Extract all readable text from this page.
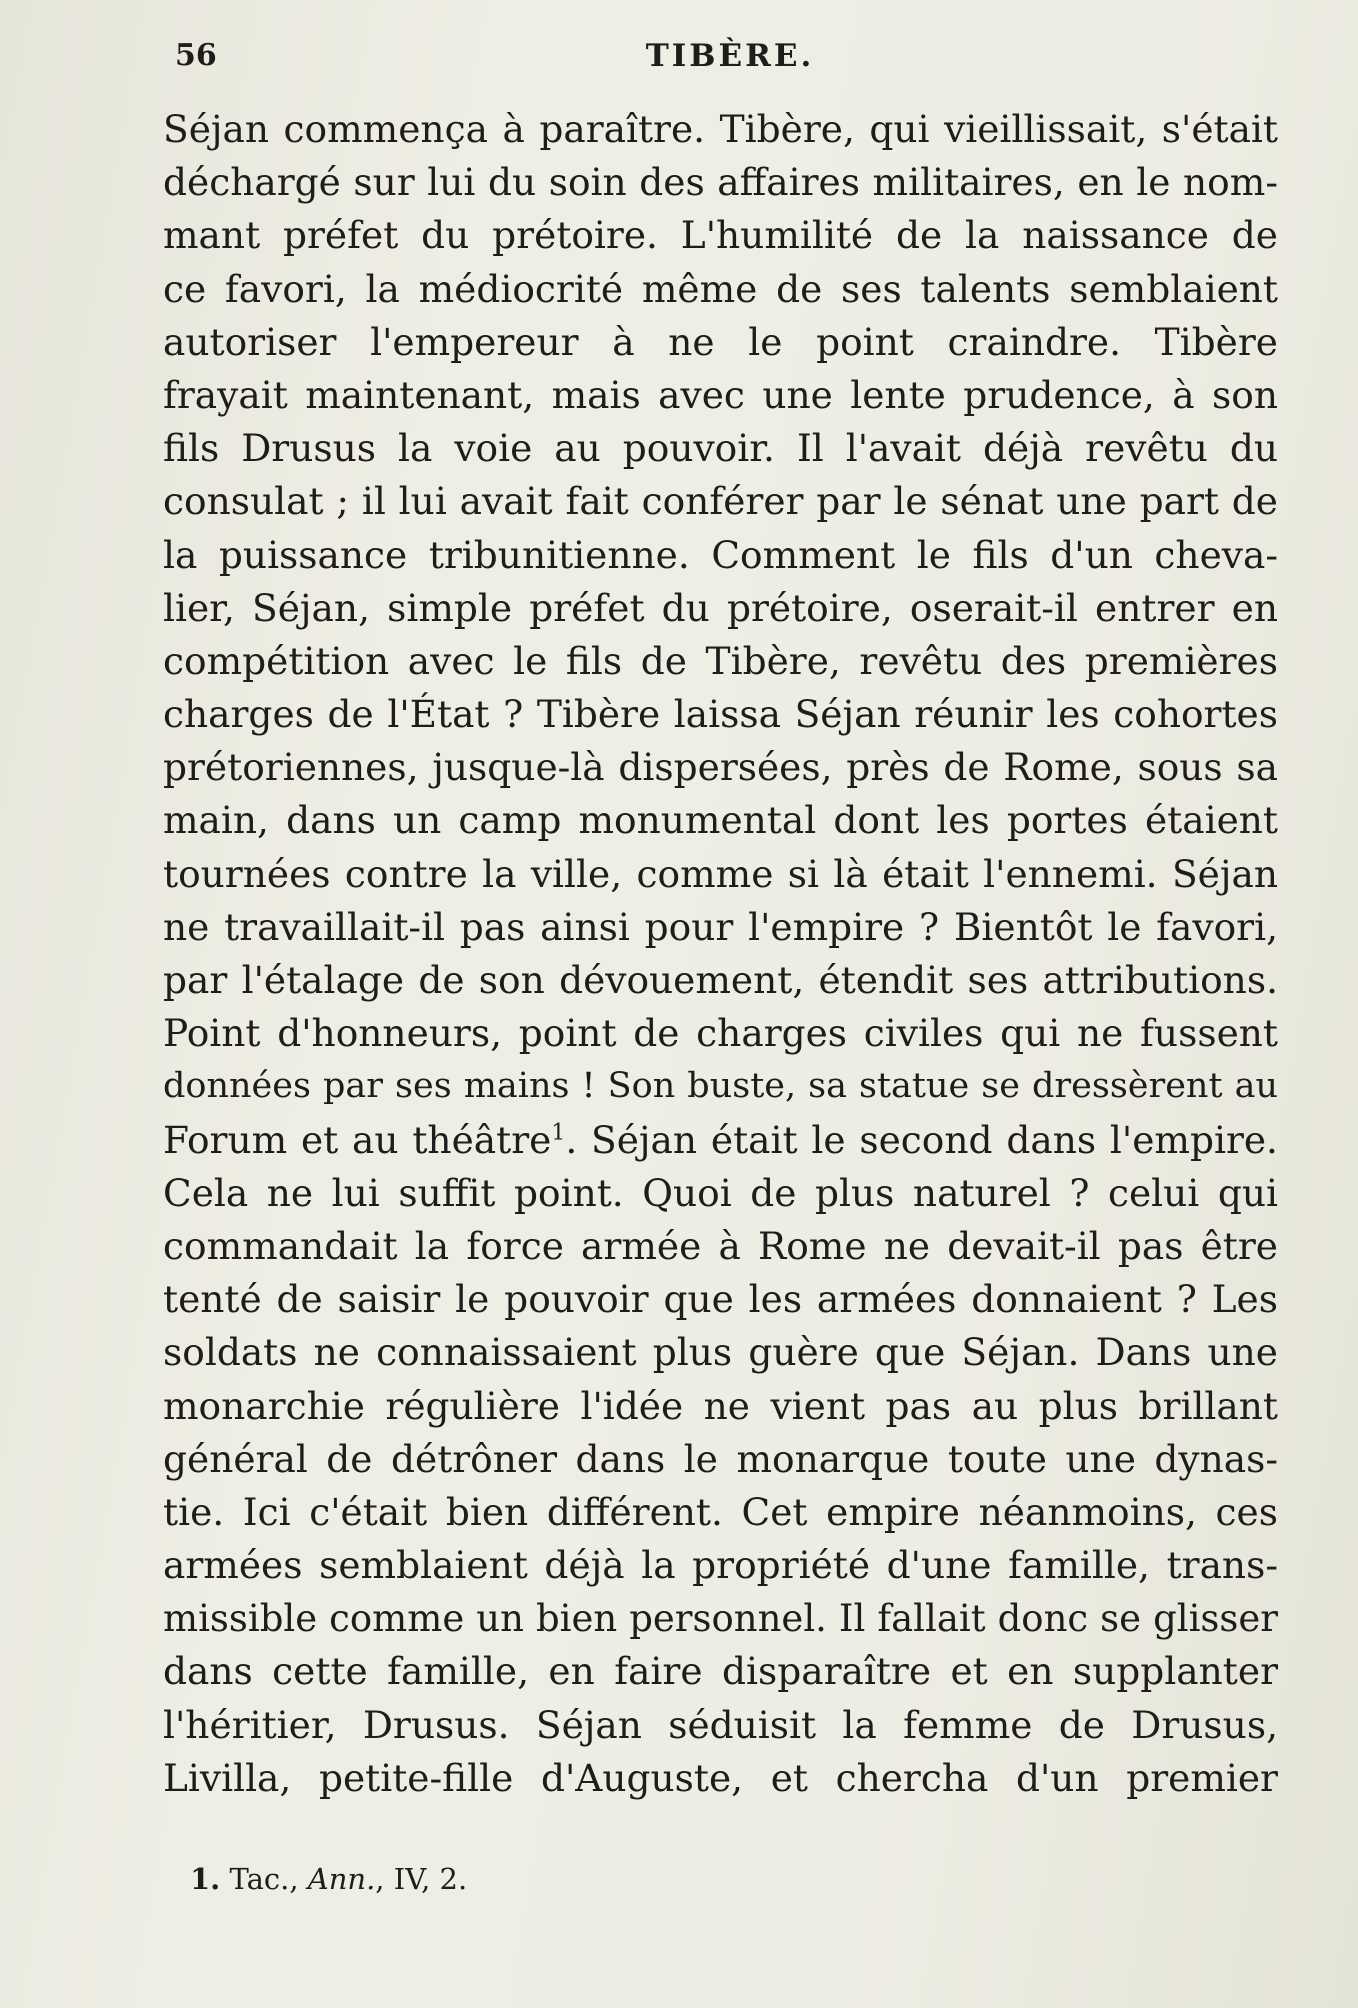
56	TIBÈRE.
Séjan commença à paraître. Tibère, qui vieillissait, s'était
déchargé sur lui du soin des affaires militaires, en le nom-
mant préfet du prétoire. L'humilité de la naissance de
ce favori, la médiocrité même de ses talents semblaient
autoriser l'empereur à ne le point craindre. Tibère
frayait maintenant, mais avec une lente prudence, à son
fils Drusus la voie au pouvoir. Il l'avait déjà revêtu du
consulat ; il lui avait fait conférer par le sénat une part de
la puissance tribunitienne. Comment le fils d'un cheva-
lier, Séjan, simple préfet du prétoire, oserait-il entrer en
compétition avec le fils de Tibère, revêtu des premières
charges de l'État ? Tibère laissa Séjan réunir les cohortes
prétoriennes, jusque-là dispersées, près de Rome, sous sa
main, dans un camp monumental dont les portes étaient
tournées contre la ville, comme si là était l'ennemi. Séjan
ne travaillait-il pas ainsi pour l'empire ? Bientôt le favori,
par l'étalage de son dévouement, étendit ses attributions.
Point d'honneurs, point de charges civiles qui ne fussent
données par ses mains ! Son buste, sa statue se dressèrent au
Forum et au théâtre$^1$. Séjan était le second dans l'empire.
Cela ne lui suffit point. Quoi de plus naturel ? celui qui
commandait la force armée à Rome ne devait-il pas être
tenté de saisir le pouvoir que les armées donnaient ? Les
soldats ne connaissaient plus guère que Séjan. Dans une
monarchie régulière l'idée ne vient pas au plus brillant
général de détrôner dans le monarque toute une dynas-
tie. Ici c'était bien différent. Cet empire néanmoins, ces
armées semblaient déjà la propriété d'une famille, trans-
missible comme un bien personnel. Il fallait donc se glisser
dans cette famille, en faire disparaître et en supplanter
l'héritier, Drusus. Séjan séduisit la femme de Drusus,
Livilla, petite-fille d'Auguste, et chercha d'un premier
1. Tac., Ann., IV, 2.
